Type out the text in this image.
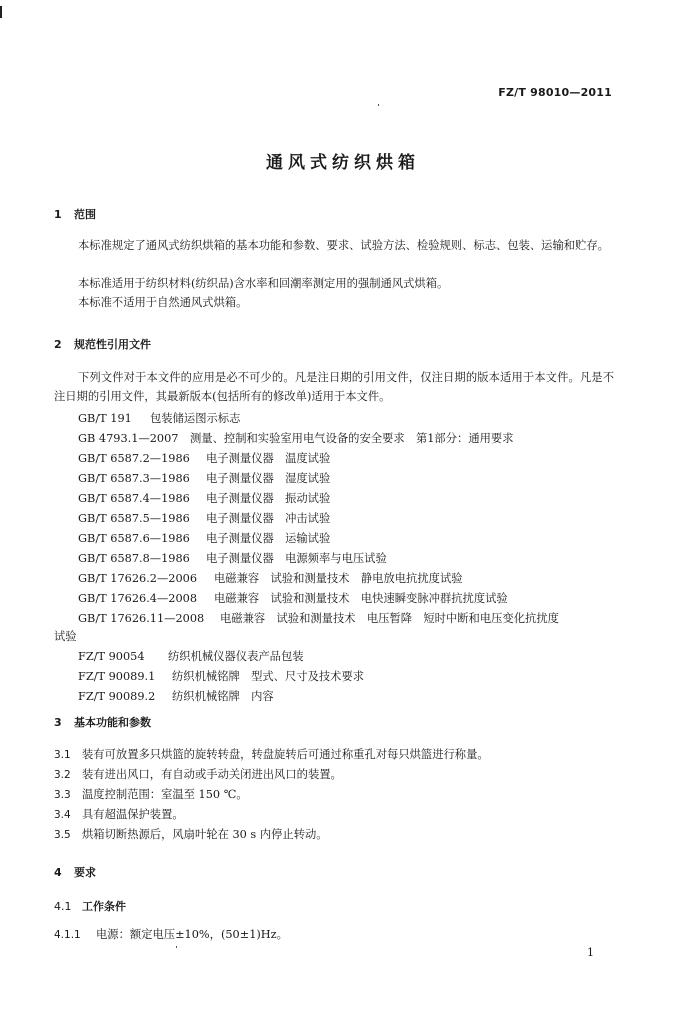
FZ/T 98010—2011
通风式纺织烘箱
1 范围

本标准规定了通风式纺织烘箱的基本功能和参数、要求、试验方法、检验规则、标志、包装、运输和贮存。

本标准适用于纺织材料(纺织品)含水率和回潮率测定用的强制通风式烘箱。

本标准不适用于自然通风式烘箱。

2 规范性引用文件

下列文件对于本文件的应用是必不可少的。凡是注日期的引用文件，仅注日期的版本适用于本文件。凡是不注日期的引用文件，其最新版本(包括所有的修改单)适用于本文件。

GB/T 191 包装储运图示标志
GB 4793.1—2007 测量、控制和实验室用电气设备的安全要求　第1部分：通用要求
GB/T 6587.2—1986 电子测量仪器　温度试验
GB/T 6587.3—1986 电子测量仪器　湿度试验
GB/T 6587.4—1986 电子测量仪器　振动试验
GB/T 6587.5—1986 电子测量仪器　冲击试验
GB/T 6587.6—1986 电子测量仪器　运输试验
GB/T 6587.8—1986 电子测量仪器　电源频率与电压试验
GB/T 17626.2—2006 电磁兼容　试验和测量技术　静电放电抗扰度试验
GB/T 17626.4—2008 电磁兼容　试验和测量技术　电快速瞬变脉冲群抗扰度试验
GB/T 17626.11—2008 电磁兼容　试验和测量技术　电压暂降　短时中断和电压变化抗扰度
试验
FZ/T 90054 纺织机械仪器仪表产品包装
FZ/T 90089.1 纺织机械铭牌　型式、尺寸及技术要求
FZ/T 90089.2 纺织机械铭牌　内容
3 基本功能和参数
3.1 装有可放置多只烘篮的旋转转盘，转盘旋转后可通过称重孔对每只烘篮进行称量。
3.2 装有进出风口，有自动或手动关闭进出风口的装置。
3.3 温度控制范围：室温至 150 ℃。
3.4 具有超温保护装置。
3.5 烘箱切断热源后，风扇叶轮在 30 s 内停止转动。
4 要求
4.1 工作条件
4.1.1 电源：额定电压±10%，(50±1)Hz。
1
